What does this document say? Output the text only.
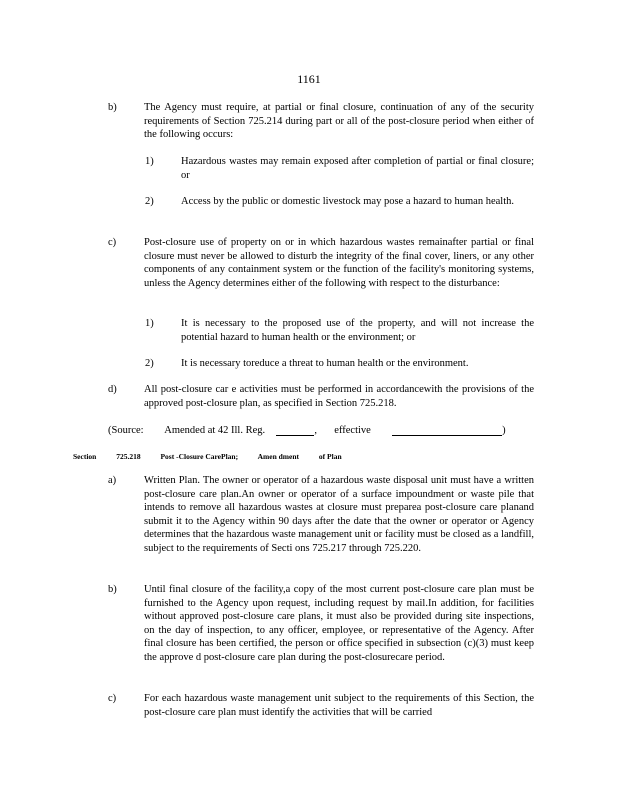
1161
b)	The Agency must require, at partial or final closure, continuation of any of the security requirements of Section 725.214 during part or all of the post-closure period when either of the following occurs:
1)	Hazardous wastes may remain exposed after completion of partial or final closure; or
2)	Access by the public or domestic livestock may pose a hazard to human health.
c)	Post-closure use of property on or in which hazardous wastes remainafter partial or final closure must never be allowed to disturb the integrity of the final cover, liners, or any other components of any containment system or the function of the facility's monitoring systems, unless the Agency determines either of the following with respect to the disturbance:
1)	It is necessary to the proposed use of the property, and will not increase the potential hazard to human health or the environment; or
2)	It is necessary toreduce a threat to human health or the environment.
d)	All post-closure car e activities must be performed in accordancewith the provisions of the approved post-closure plan, as specified in Section 725.218.
(Source: Amended at 42 Ill. Reg.	, effective	)
Section	725.218	Post -Closure CarePlan;	Amen dment	of Plan
a)	Written Plan. The owner or operator of a hazardous waste disposal unit must have a written post-closure care plan.An owner or operator of a surface impoundment or waste pile that intends to remove all hazardous wastes at closure must preparea post-closure care planand submit it to the Agency within 90 days after the date that the owner or operator or Agency determines that the hazardous waste management unit or facility must be closed as a landfill, subject to the requirements of Secti ons 725.217 through 725.220.
b)	Until final closure of the facility,a copy of the most current post-closure care plan must be furnished to the Agency upon request, including request by mail.In addition, for facilities without approved post-closure care plans, it must also be provided during site inspections, on the day of inspection, to any officer, employee, or representative of the Agency. After final closure has been certified, the person or office specified in subsection (c)(3) must keep the approve d post-closure care plan during the post-closurecare period.
c)	For each hazardous waste management unit subject to the requirements of this Section, the post-closure care plan must identify the activities that will be carried
